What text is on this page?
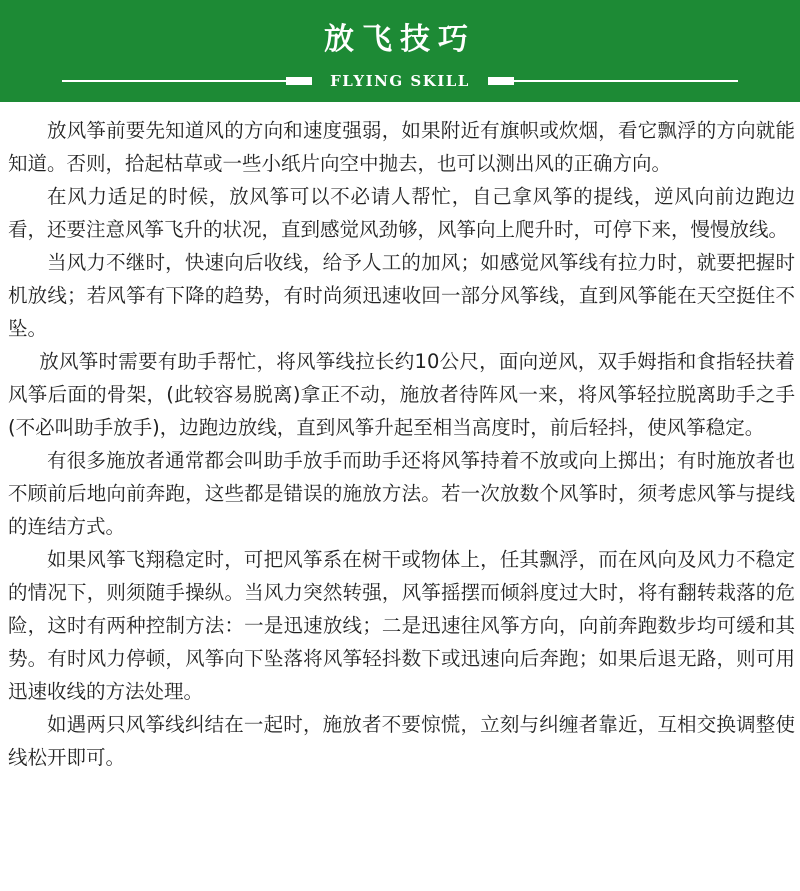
放飞技巧
FLYING SKILL

放风筝前要先知道风的方向和速度强弱，如果附近有旗帜或炊烟，看它飘浮的方向就能知道。否则，拾起枯草或一些小纸片向空中抛去，也可以测出风的正确方向。

在风力适足的时候，放风筝可以不必请人帮忙，自己拿风筝的提线，逆风向前边跑边看，还要注意风筝飞升的状况，直到感觉风劲够，风筝向上爬升时，可停下来，慢慢放线。

当风力不继时，快速向后收线，给予人工的加风；如感觉风筝线有拉力时，就要把握时机放线；若风筝有下降的趋势，有时尚须迅速收回一部分风筝线，直到风筝能在天空挺住不坠。

放风筝时需要有助手帮忙，将风筝线拉长约10公尺，面向逆风，双手姆指和食指轻扶着风筝后面的骨架，(此较容易脱离)拿正不动，施放者待阵风一来，将风筝轻拉脱离助手之手(不必叫助手放手)，边跑边放线，直到风筝升起至相当高度时，前后轻抖，使风筝稳定。

有很多施放者通常都会叫助手放手而助手还将风筝持着不放或向上掷出；有时施放者也不顾前后地向前奔跑，这些都是错误的施放方法。若一次放数个风筝时，须考虑风筝与提线的连结方式。

如果风筝飞翔稳定时，可把风筝系在树干或物体上，任其飘浮，而在风向及风力不稳定的情况下，则须随手操纵。当风力突然转强，风筝摇摆而倾斜度过大时，将有翻转栽落的危险，这时有两种控制方法：一是迅速放线；二是迅速往风筝方向，向前奔跑数步均可缓和其势。有时风力停顿，风筝向下坠落将风筝轻抖数下或迅速向后奔跑；如果后退无路，则可用迅速收线的方法处理。

如遇两只风筝线纠结在一起时，施放者不要惊慌，立刻与纠缠者靠近，互相交换调整使线松开即可。
